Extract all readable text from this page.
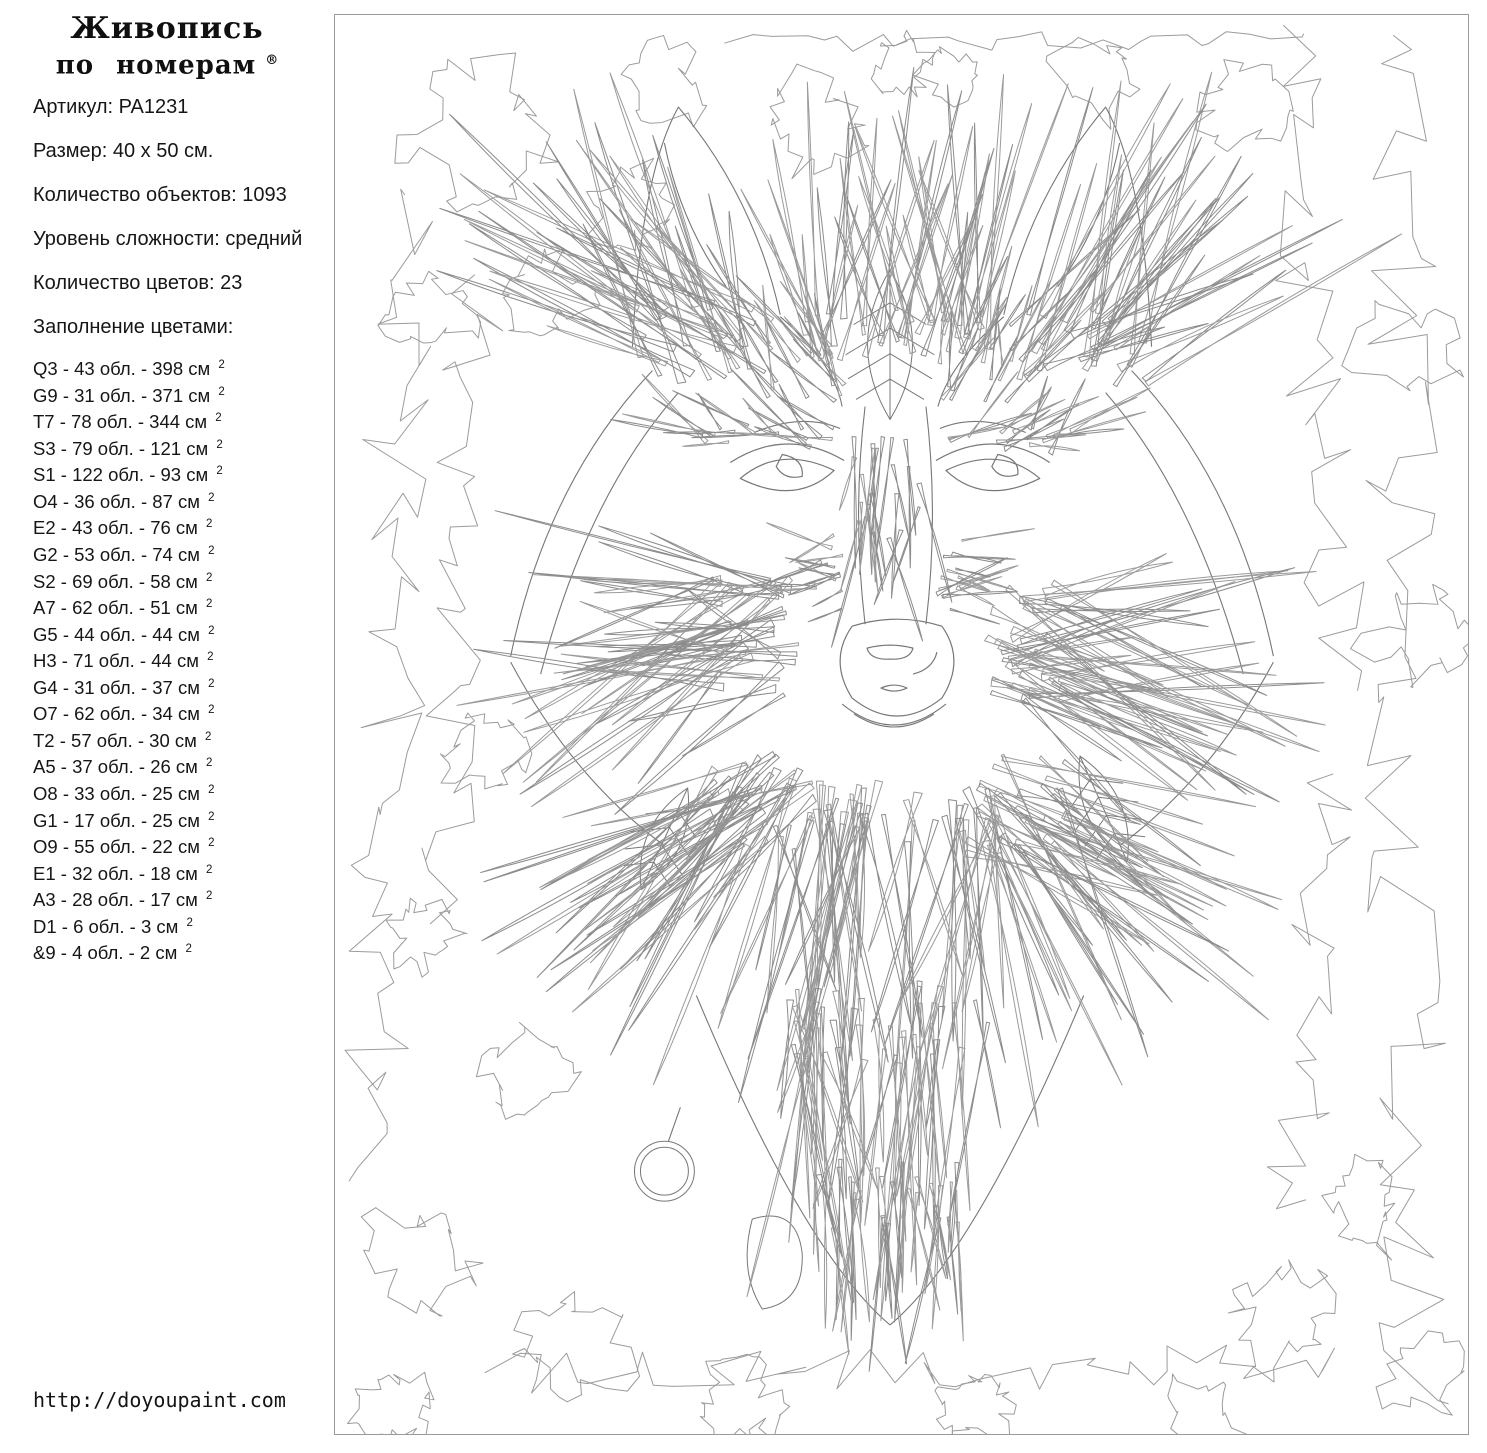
Живопись
по номерам ®
Артикул: PA1231
Размер: 40 x 50 см.
Количество объектов: 1093
Уровень сложности: средний
Количество цветов: 23
Заполнение цветами:
Q3 - 43 обл. - 398 см $^2$
G9 - 31 обл. - 371 см $^2$
T7 - 78 обл. - 344 см $^2$
S3 - 79 обл. - 121 см $^2$
S1 - 122 обл. - 93 см $^2$
O4 - 36 обл. - 87 см $^2$
E2 - 43 обл. - 76 см $^2$
G2 - 53 обл. - 74 см $^2$
S2 - 69 обл. - 58 см $^2$
A7 - 62 обл. - 51 см $^2$
G5 - 44 обл. - 44 см $^2$
H3 - 71 обл. - 44 см $^2$
G4 - 31 обл. - 37 см $^2$
O7 - 62 обл. - 34 см $^2$
T2 - 57 обл. - 30 см $^2$
A5 - 37 обл. - 26 см $^2$
O8 - 33 обл. - 25 см $^2$
G1 - 17 обл. - 25 см $^2$
O9 - 55 обл. - 22 см $^2$
E1 - 32 обл. - 18 см $^2$
A3 - 28 обл. - 17 см $^2$
D1 - 6 обл. - 3 см $^2$
&9 - 4 обл. - 2 см $^2$
http://doyoupaint.com
